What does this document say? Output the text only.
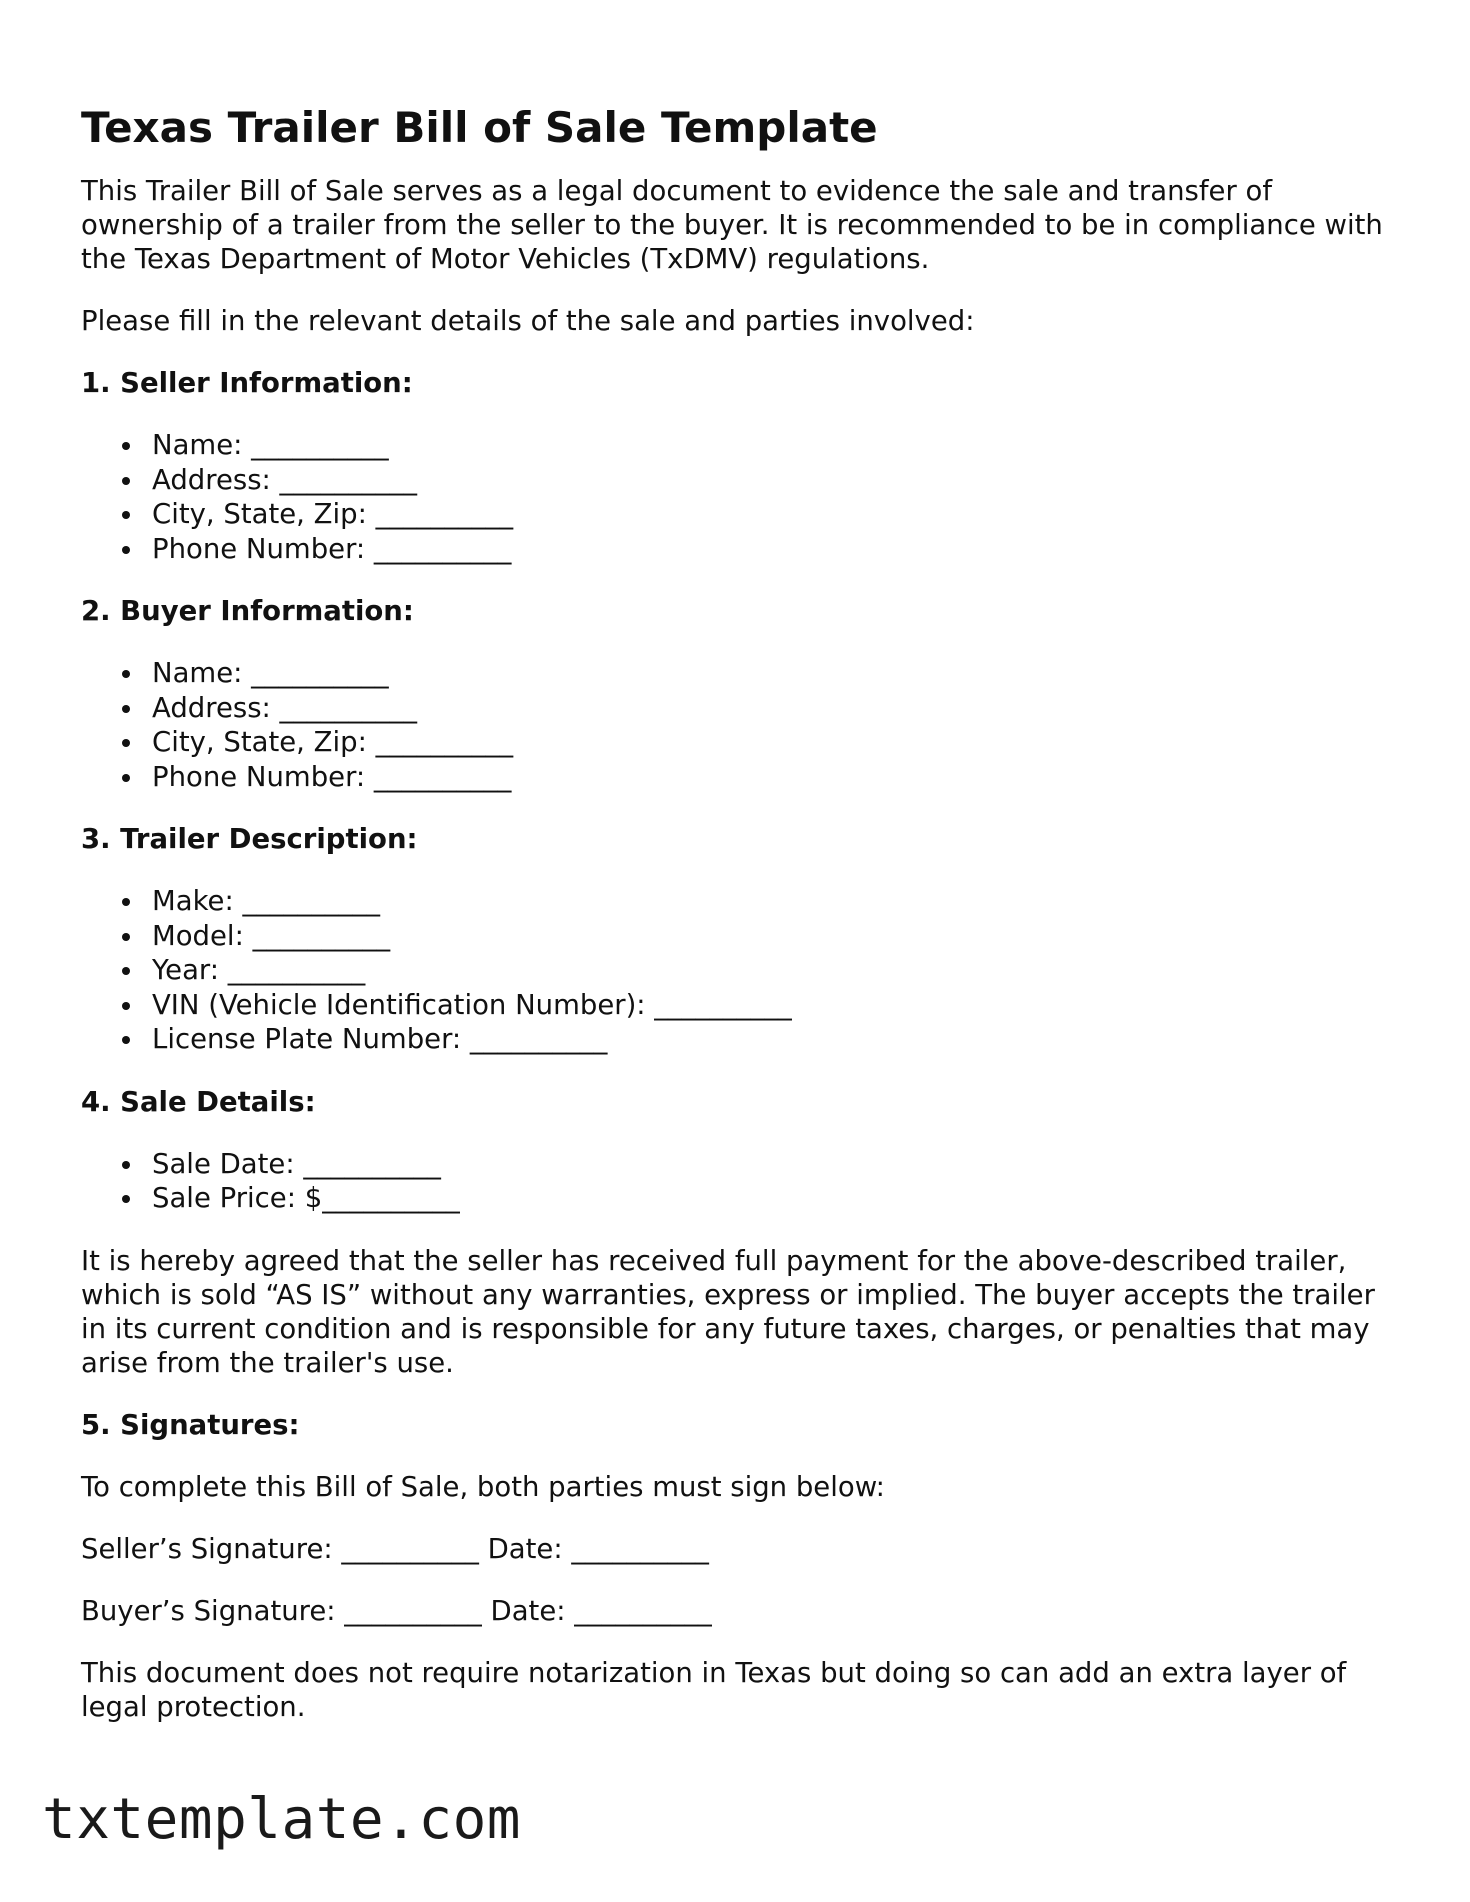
Texas Trailer Bill of Sale Template

This Trailer Bill of Sale serves as a legal document to evidence the sale and transfer of ownership of a trailer from the seller to the buyer. It is recommended to be in compliance with the Texas Department of Motor Vehicles (TxDMV) regulations.

Please fill in the relevant details of the sale and parties involved:

1. Seller Information:
Name: __________
Address: __________
City, State, Zip: __________
Phone Number: __________
2. Buyer Information:
Name: __________
Address: __________
City, State, Zip: __________
Phone Number: __________
3. Trailer Description:
Make: __________
Model: __________
Year: __________
VIN (Vehicle Identification Number): __________
License Plate Number: __________
4. Sale Details:
Sale Date: __________
Sale Price: $__________

It is hereby agreed that the seller has received full payment for the above-described trailer, which is sold “AS IS” without any warranties, express or implied. The buyer accepts the trailer in its current condition and is responsible for any future taxes, charges, or penalties that may arise from the trailer's use.

5. Signatures:

To complete this Bill of Sale, both parties must sign below:

Seller’s Signature: __________ Date: __________

Buyer’s Signature: __________ Date: __________

This document does not require notarization in Texas but doing so can add an extra layer of legal protection.

txtemplate.com
